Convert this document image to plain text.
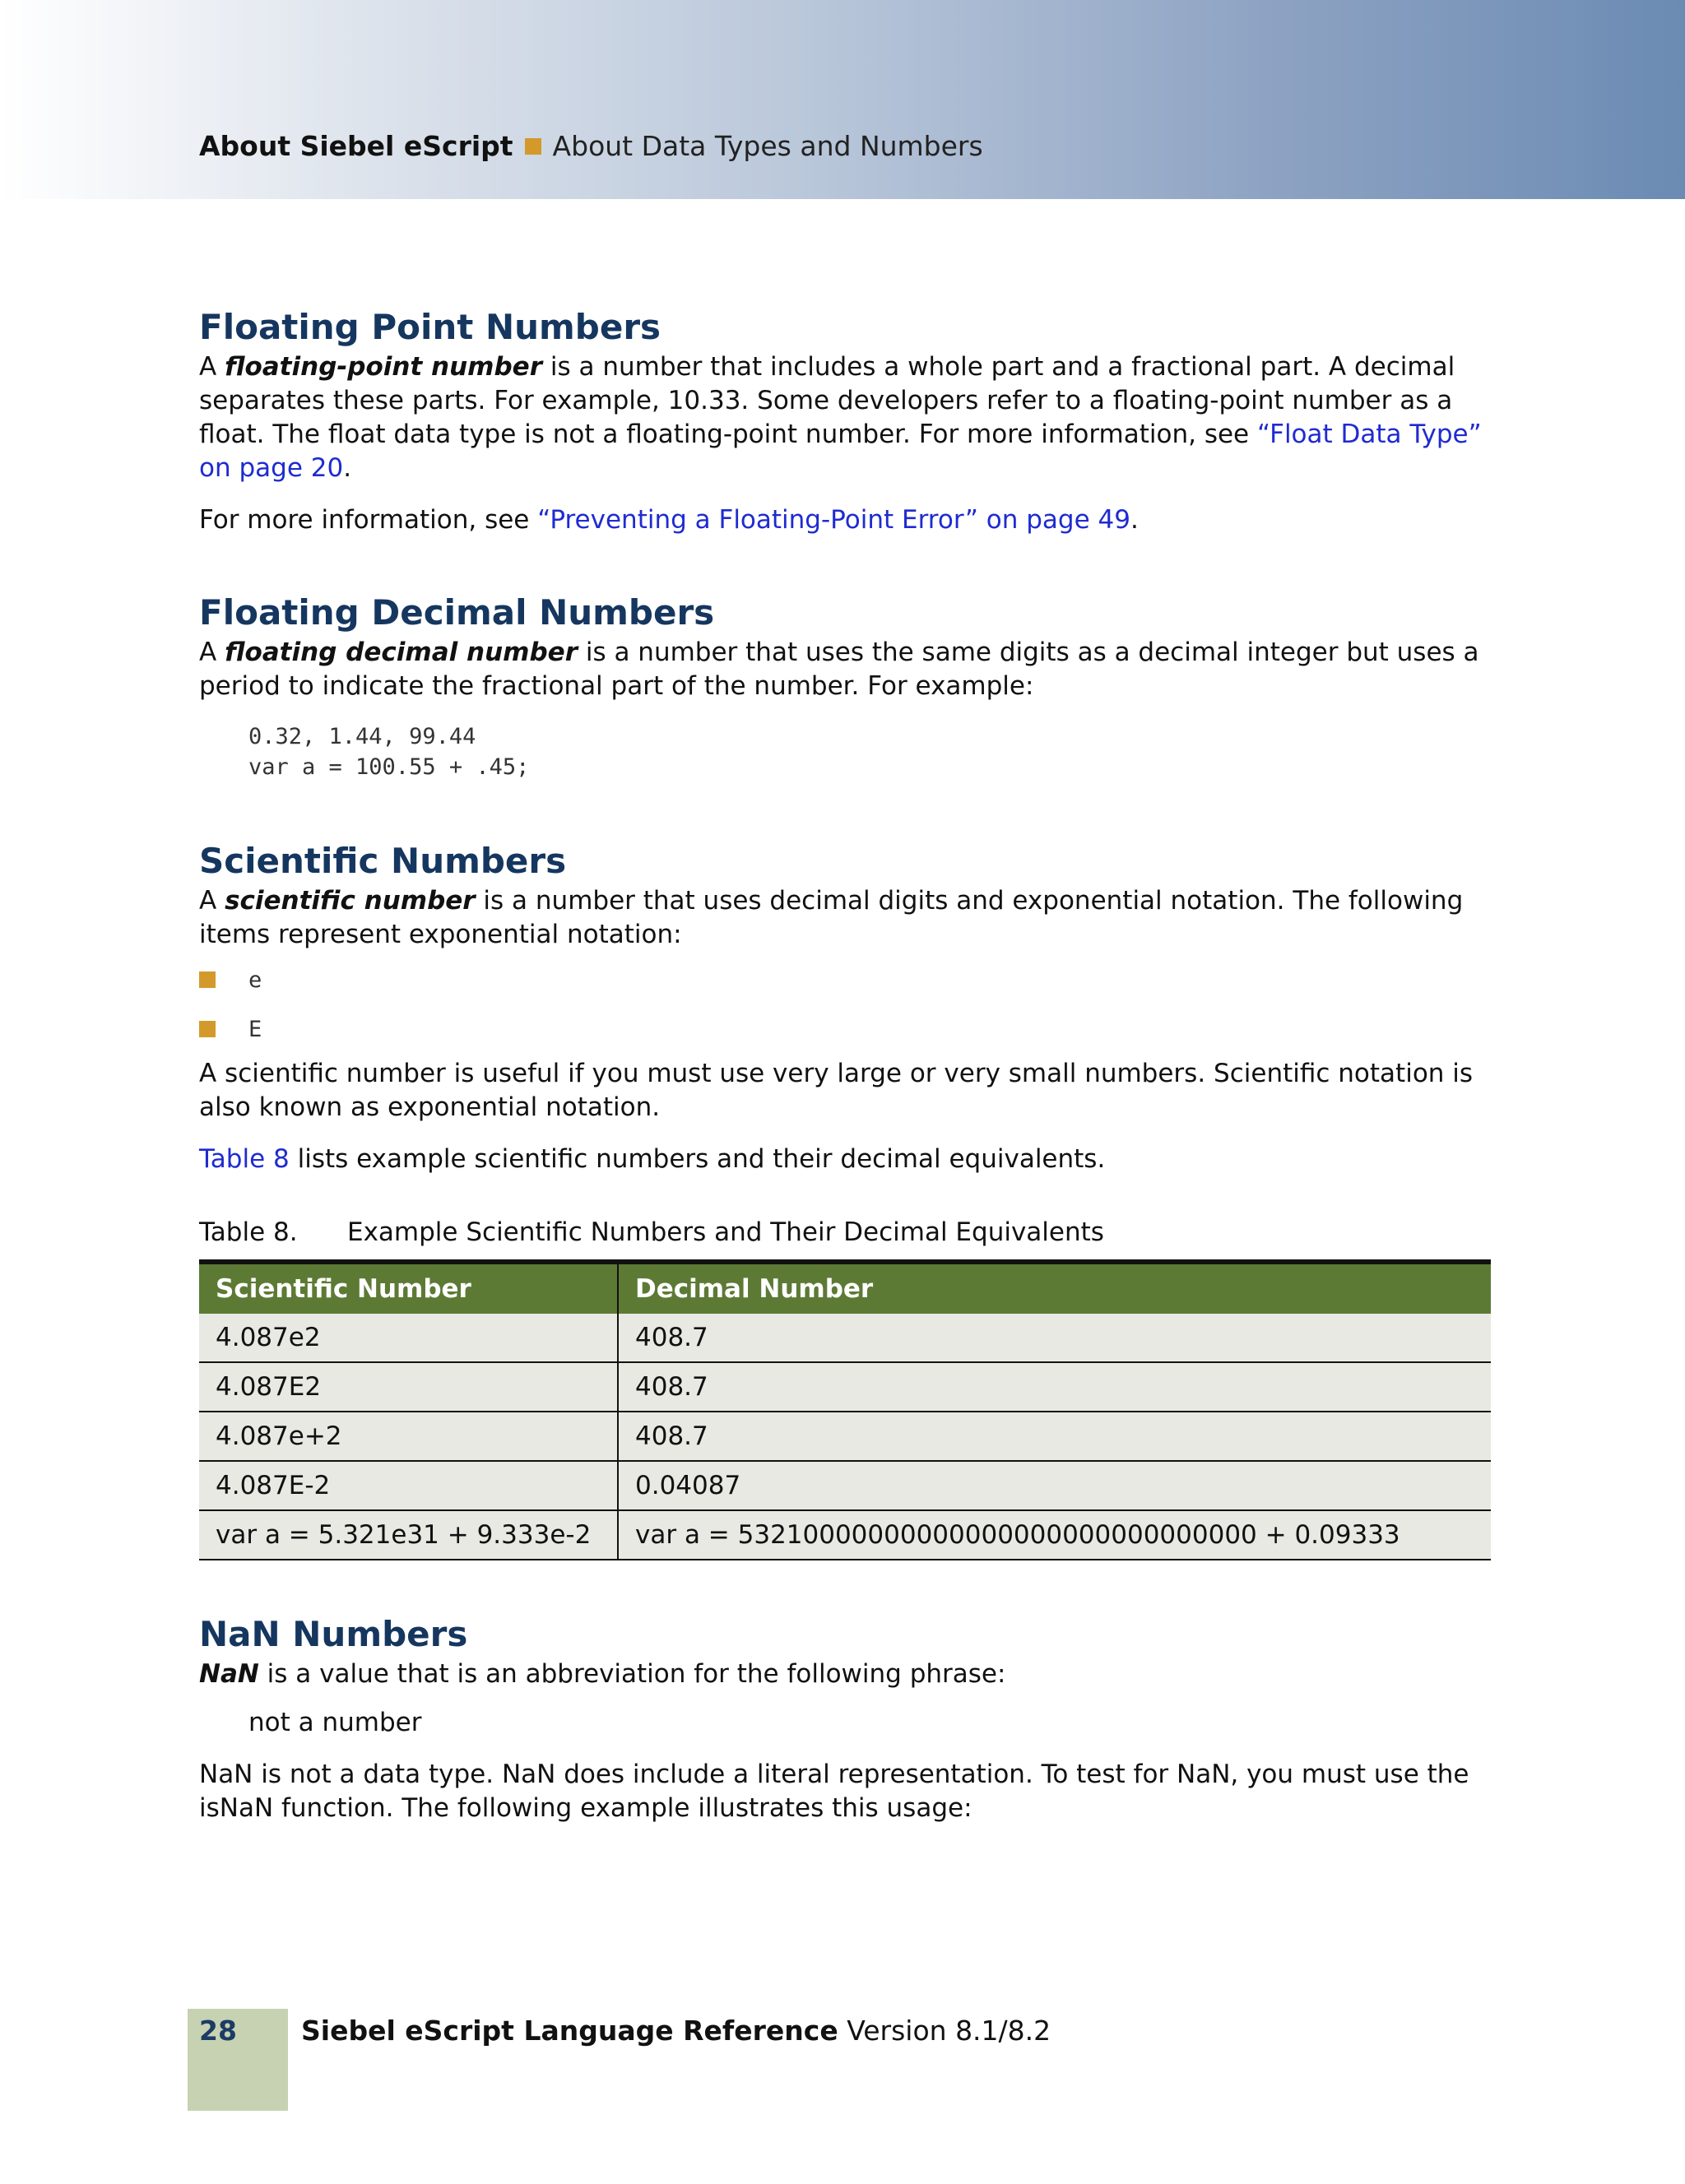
About Siebel eScript About Data Types and Numbers
Floating Point Numbers

A floating-point number is a number that includes a whole part and a fractional part. A decimal separates these parts. For example, 10.33. Some developers refer to a floating-point number as a float. The float data type is not a floating-point number. For more information, see “Float Data Type” on page 20.

For more information, see “Preventing a Floating-Point Error” on page 49.

Floating Decimal Numbers

A floating decimal number is a number that uses the same digits as a decimal integer but uses a period to indicate the fractional part of the number. For example:

0.32, 1.44, 99.44
var a = 100.55 + .45;
Scientific Numbers

A scientific number is a number that uses decimal digits and exponential notation. The following items represent exponential notation:

e
E

A scientific number is useful if you must use very large or very small numbers. Scientific notation is also known as exponential notation.

Table 8 lists example scientific numbers and their decimal equivalents.

Table 8.	Example Scientific Numbers and Their Decimal Equivalents
Scientific Number	Decimal Number
4.087e2	408.7
4.087E2	408.7
4.087e+2	408.7
4.087E-2	0.04087
var a = 5.321e31 + 9.333e-2	var a = 53210000000000000000000000000000 + 0.09333
NaN Numbers

NaN is a value that is an abbreviation for the following phrase:

not a number

NaN is not a data type. NaN does include a literal representation. To test for NaN, you must use the isNaN function. The following example illustrates this usage:

28 Siebel eScript Language Reference Version 8.1/8.2
